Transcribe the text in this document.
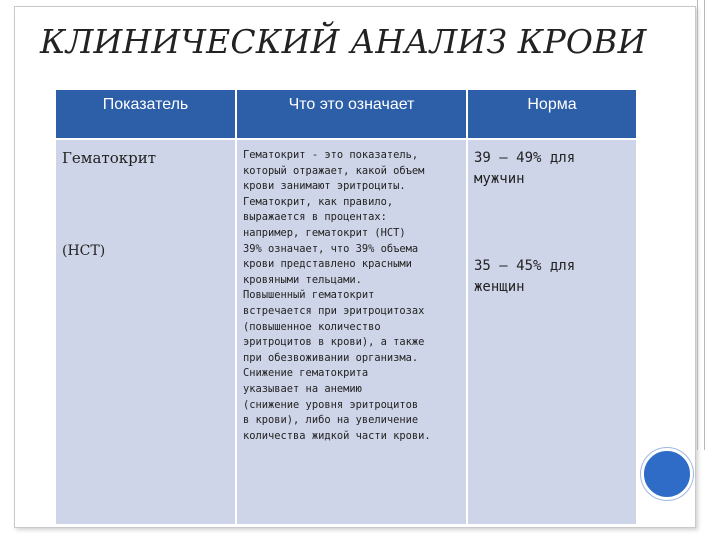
КЛИНИЧЕСКИЙ АНАЛИЗ КРОВИ
Показатель	Что это означает	Норма
Гематокрит
(HCT)
Гематокрит - это показатель,
который отражает, какой объем
крови занимают эритроциты.
Гематокрит, как правило,
выражается в процентах:
например, гематокрит (HCT)
39% означает, что 39% объема
крови представлено красными
кровяными тельцами.
Повышенный гематокрит
встречается при эритроцитозах
(повышенное количество
эритроцитов в крови), а также
при обезвоживании организма.
Снижение гематокрита
указывает на анемию
(снижение уровня эритроцитов
в крови), либо на увеличение
количества жидкой части крови.
39 – 49% для
мужчин
35 – 45% для
женщин
